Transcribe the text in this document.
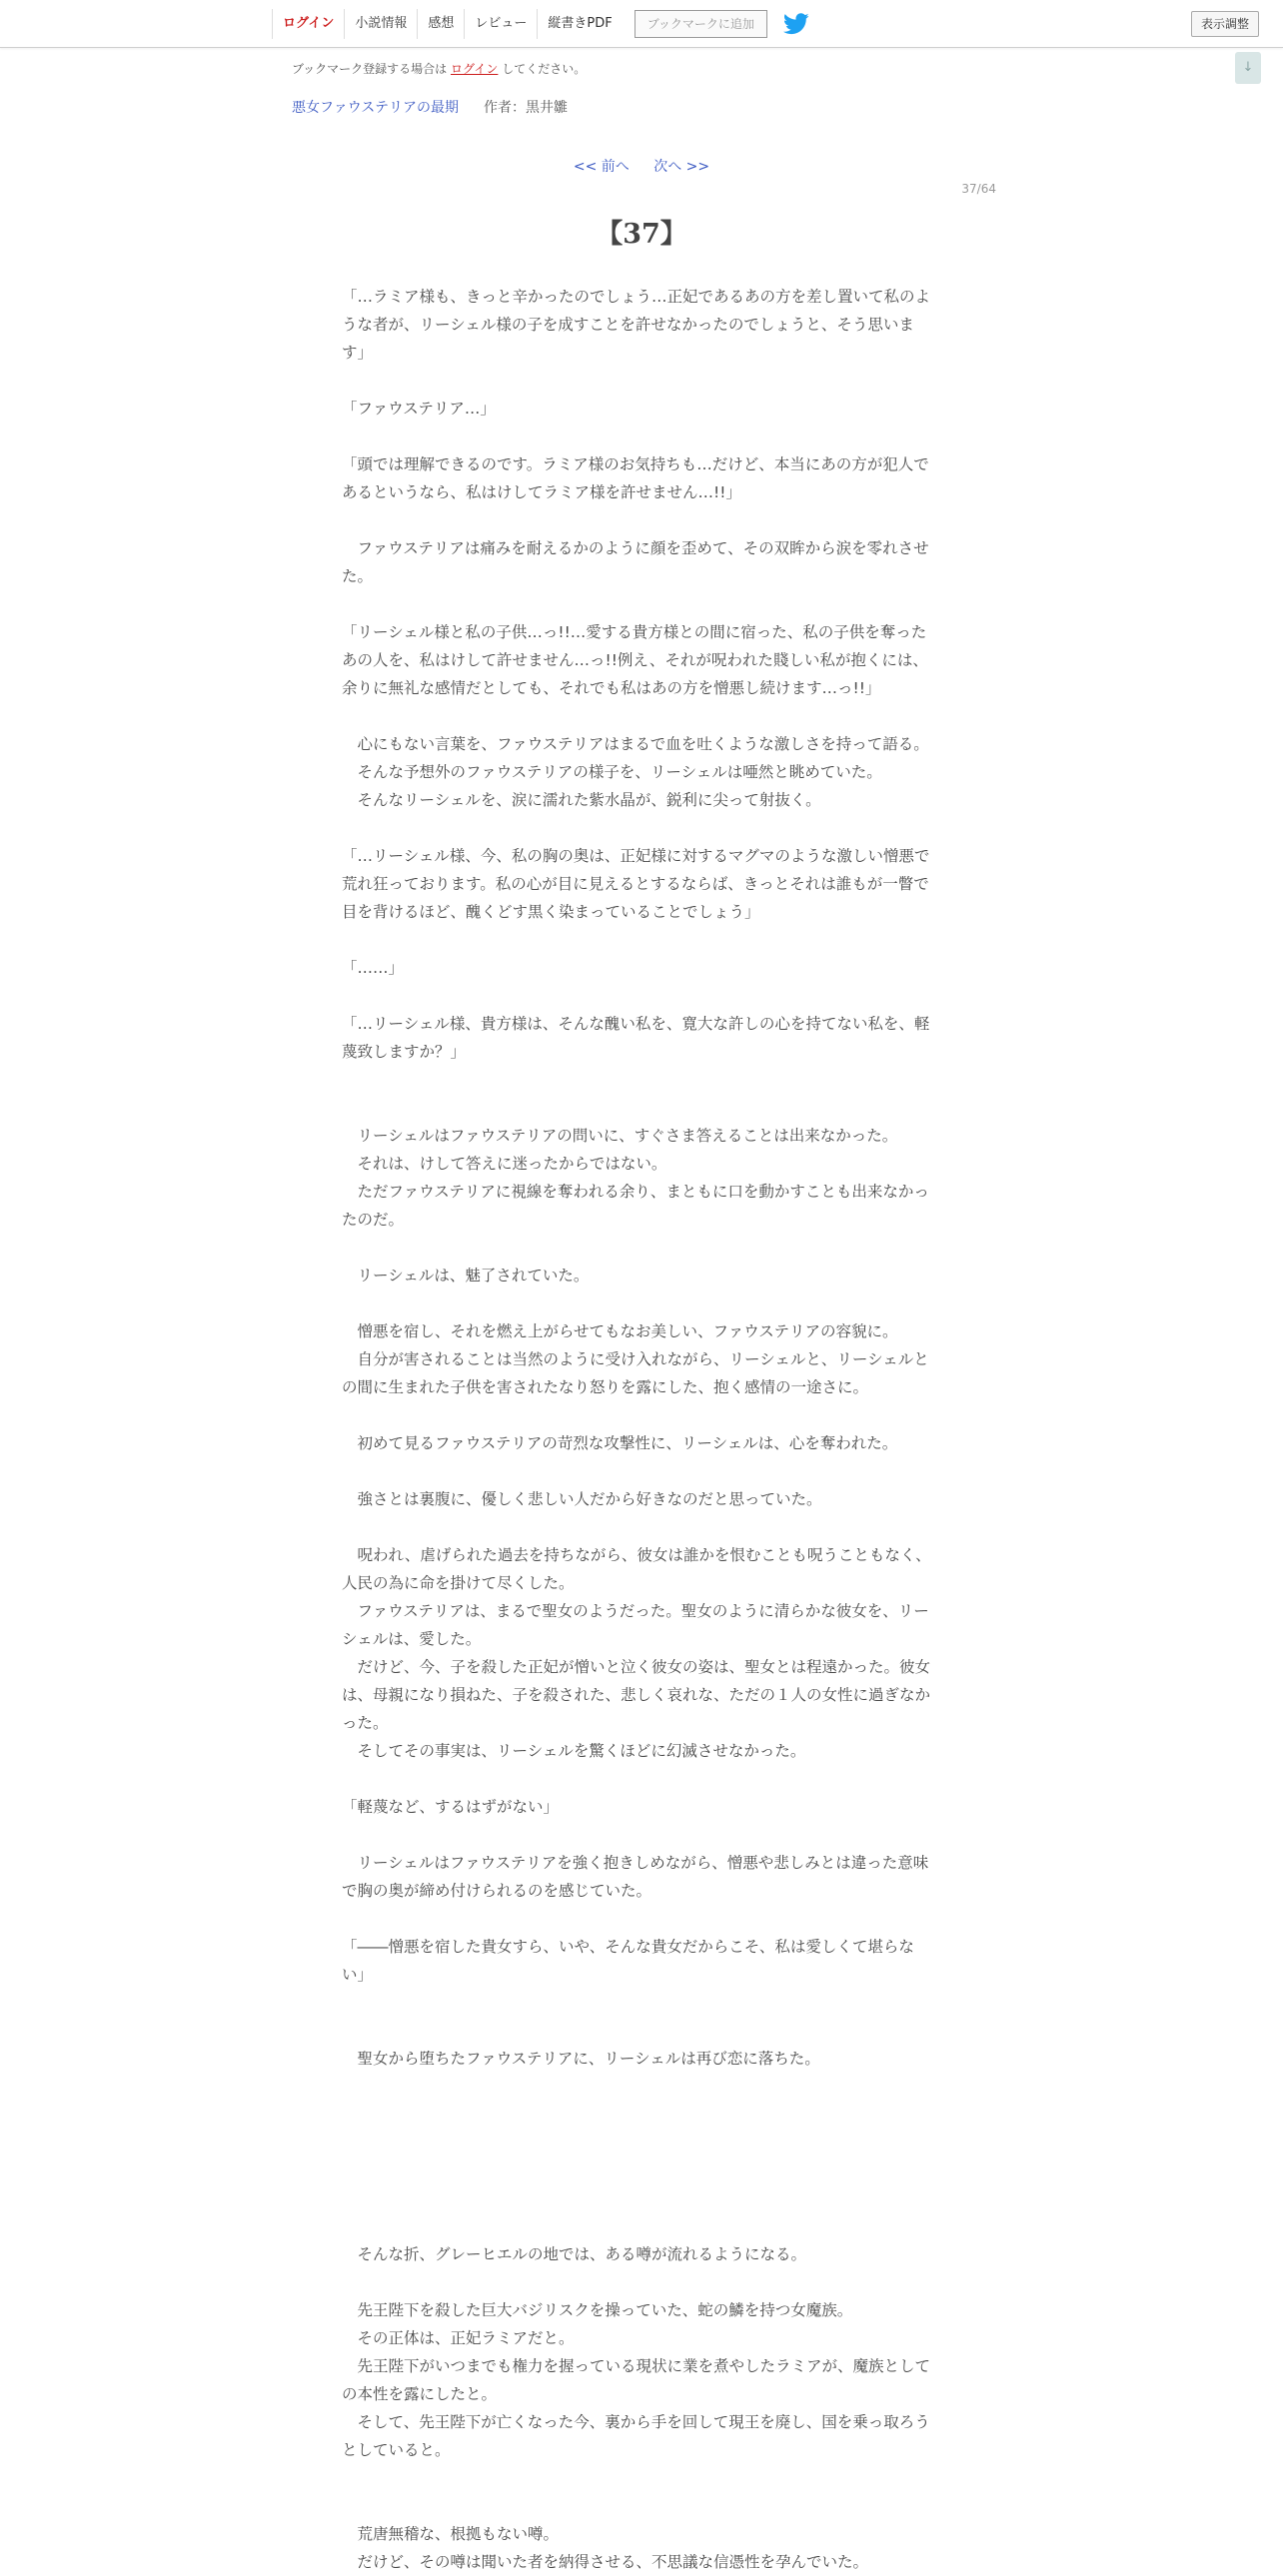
ログイン	小説情報	感想	レビュー	縦書きPDF	ブックマークに追加	表示調整
↓
ブックマーク登録する場合は ログイン してください。
悪女ファウステリアの最期 作者：黒井雛
<< 前へ 次へ >>
37/64
【37】

「…ラミア様も、きっと辛かったのでしょう…正妃であるあの方を差し置いて私のような者が、リーシェル様の子を成すことを許せなかったのでしょうと、そう思います」

「ファウステリア…」

「頭では理解できるのです。ラミア様のお気持ちも…だけど、本当にあの方が犯人であるというなら、私はけしてラミア様を許せません…!!」

　ファウステリアは痛みを耐えるかのように顔を歪めて、その双眸から涙を零れさせた。

「リーシェル様と私の子供…っ!!…愛する貴方様との間に宿った、私の子供を奪ったあの人を、私はけして許せません…っ!!例え、それが呪われた賤しい私が抱くには、余りに無礼な感情だとしても、それでも私はあの方を憎悪し続けます…っ!!」

　心にもない言葉を、ファウステリアはまるで血を吐くような激しさを持って語る。

　そんな予想外のファウステリアの様子を、リーシェルは唖然と眺めていた。

　そんなリーシェルを、涙に濡れた紫水晶が、鋭利に尖って射抜く。

「…リーシェル様、今、私の胸の奥は、正妃様に対するマグマのような激しい憎悪で荒れ狂っております。私の心が目に見えるとするならば、きっとそれは誰もが一瞥で目を背けるほど、醜くどす黒く染まっていることでしょう」

「……」

「…リーシェル様、貴方様は、そんな醜い私を、寛大な許しの心を持てない私を、軽蔑致しますか？」

　リーシェルはファウステリアの問いに、すぐさま答えることは出来なかった。

　それは、けして答えに迷ったからではない。

　ただファウステリアに視線を奪われる余り、まともに口を動かすことも出来なかったのだ。

　リーシェルは、魅了されていた。

　憎悪を宿し、それを燃え上がらせてもなお美しい、ファウステリアの容貌に。

　自分が害されることは当然のように受け入れながら、リーシェルと、リーシェルとの間に生まれた子供を害されたなり怒りを露にした、抱く感情の一途さに。

　初めて見るファウステリアの苛烈な攻撃性に、リーシェルは、心を奪われた。

　強さとは裏腹に、優しく悲しい人だから好きなのだと思っていた。

　呪われ、虐げられた過去を持ちながら、彼女は誰かを恨むことも呪うこともなく、人民の為に命を掛けて尽くした。

　ファウステリアは、まるで聖女のようだった。聖女のように清らかな彼女を、リーシェルは、愛した。

　だけど、今、子を殺した正妃が憎いと泣く彼女の姿は、聖女とは程遠かった。彼女は、母親になり損ねた、子を殺された、悲しく哀れな、ただの１人の女性に過ぎなかった。

　そしてその事実は、リーシェルを驚くほどに幻滅させなかった。

「軽蔑など、するはずがない」

　リーシェルはファウステリアを強く抱きしめながら、憎悪や悲しみとは違った意味で胸の奥が締め付けられるのを感じていた。

「――憎悪を宿した貴女すら、いや、そんな貴女だからこそ、私は愛しくて堪らない」

　聖女から堕ちたファウステリアに、リーシェルは再び恋に落ちた。

　そんな折、グレーヒエルの地では、ある噂が流れるようになる。

　先王陛下を殺した巨大バジリスクを操っていた、蛇の鱗を持つ女魔族。

　その正体は、正妃ラミアだと。

　先王陛下がいつまでも権力を握っている現状に業を煮やしたラミアが、魔族としての本性を露にしたと。

　そして、先王陛下が亡くなった今、裏から手を回して現王を廃し、国を乗っ取ろうとしていると。

　荒唐無稽な、根拠もない噂。

　だけど、その噂は聞いた者を納得させる、不思議な信憑性を孕んでいた。
